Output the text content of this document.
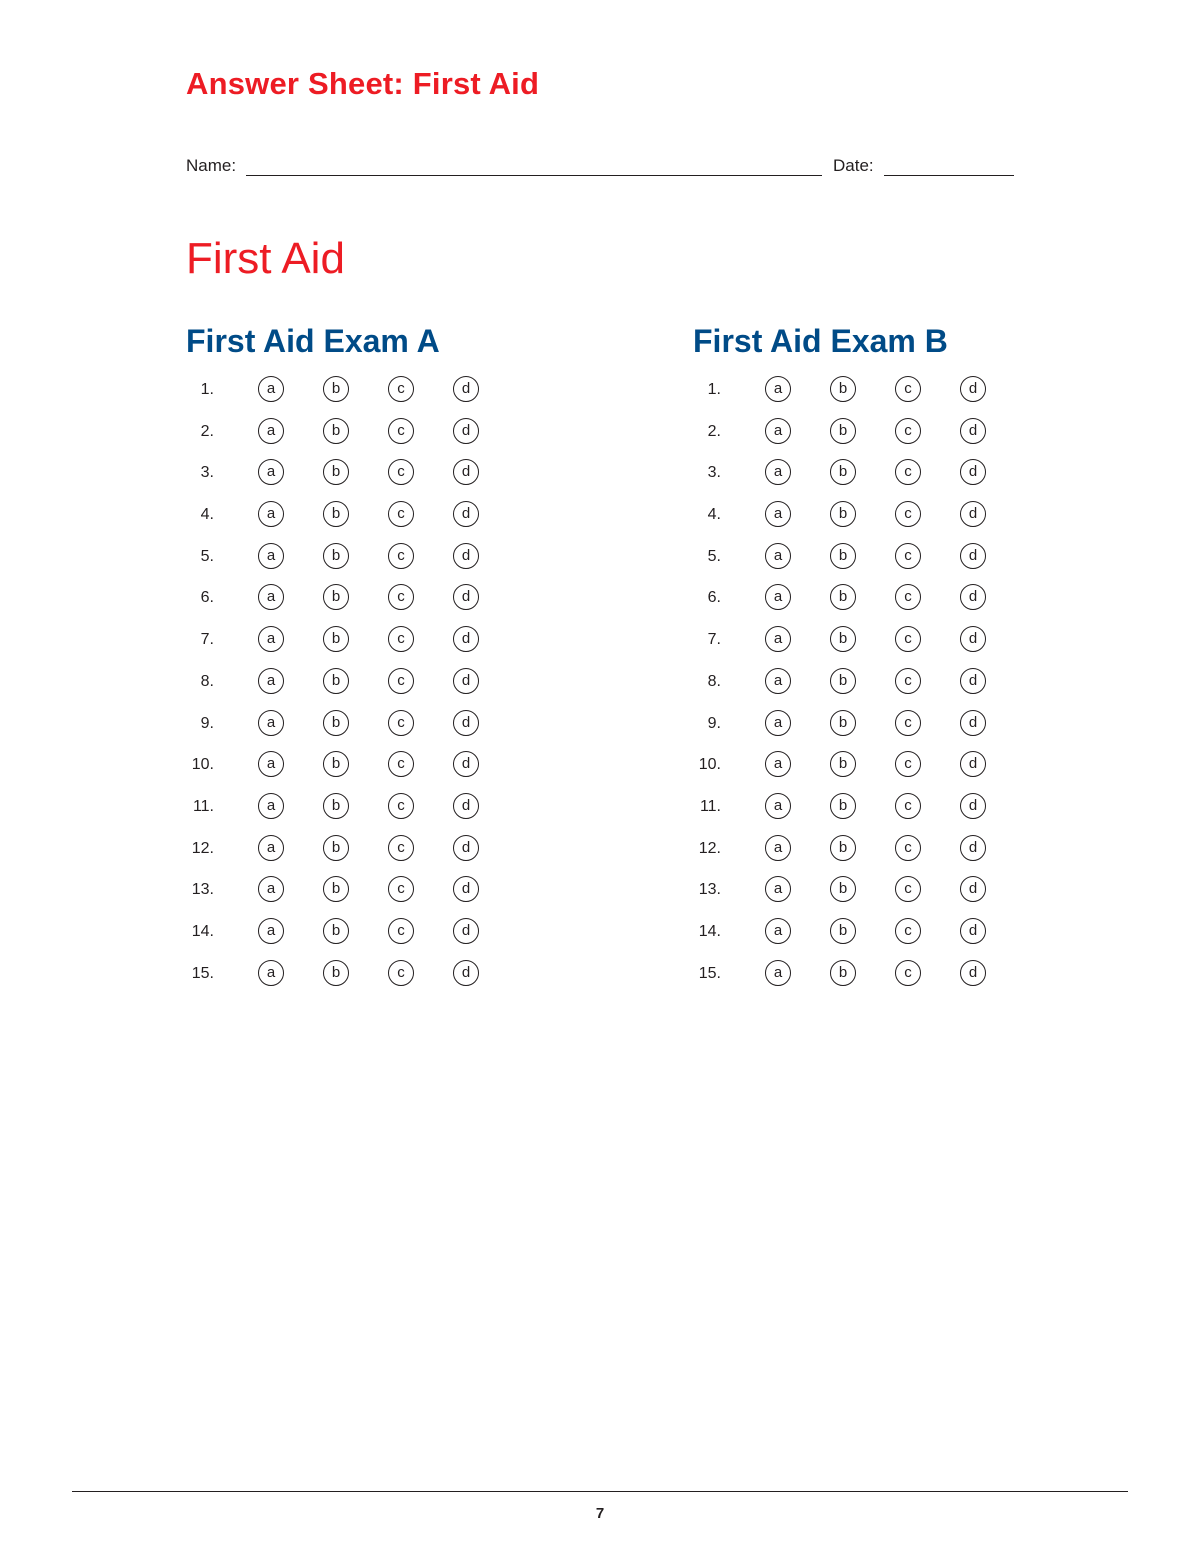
Answer Sheet: First Aid
Name:	Date:
First Aid
First Aid Exam A
1.	a	b	c	d
2.	a	b	c	d
3.	a	b	c	d
4.	a	b	c	d
5.	a	b	c	d
6.	a	b	c	d
7.	a	b	c	d
8.	a	b	c	d
9.	a	b	c	d
10.	a	b	c	d
11.	a	b	c	d
12.	a	b	c	d
13.	a	b	c	d
14.	a	b	c	d
15.	a	b	c	d
First Aid Exam B
1.	a	b	c	d
2.	a	b	c	d
3.	a	b	c	d
4.	a	b	c	d
5.	a	b	c	d
6.	a	b	c	d
7.	a	b	c	d
8.	a	b	c	d
9.	a	b	c	d
10.	a	b	c	d
11.	a	b	c	d
12.	a	b	c	d
13.	a	b	c	d
14.	a	b	c	d
15.	a	b	c	d
7
